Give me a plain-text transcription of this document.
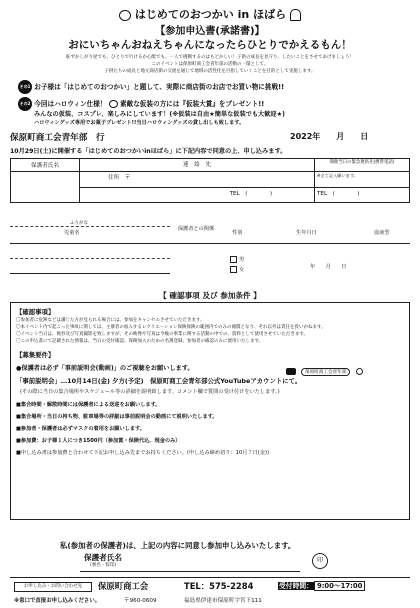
はじめてのおつかい in ほばら
【参加申込書(承諾書)】
おにいちゃんおねえちゃんになったらひとりでかえるもん！
恥ずかしがり屋でも、ひとりで行けるか心配でも、一人で挑戦するのはもどかしい！子供の成長を見守り、したいことをさせてあげましょう！
このイベントは保原町商工会青年部の活動の一環として、
子供たちの成長と地元商店街の交流を通じて地域の活性化を目指していくことを目的として実施します。
その1 お子様は「はじめてのおつかい」と題して、実際に商店街のお店でお買い物に挑戦!!
その2 今回はハロウィン仕様！ 素敵な仮装の方には『仮装大賞』をプレゼント!!
みんなの仮装、コスプレ、楽しみにしています！(※仮装は自由★簡単な仮装でも大歓迎★)
ハロウィングッズ専用でお菓子プレゼント!!当日ハロウィングッズの貸し出しも致します。
保原町商工会青年部　行	2022年　　 月　　 日
10月29日(土)に開催する「はじめてのおつかいinほばら」に下記内容で同意の上、申し込みます。
保護者氏名	連　絡　先	開催当日の緊急連絡先(携帯電話)
	住所　〒	※全て記入願います。
	TEL　(　　　　)	TEL　(　　　　)
ふりがな
児童名
保護者との関係
性別	生年月日	血液型
男
女	年　　月　　日
【 確認事項 及び 参加条件 】
【確認事項】
〇参加者に危険などは講じた方が見られる場合には、参加をキャンセルさせていただきます。
〇本イベント内で起こった事故に関しては、主催者の加入するレクリエーション保険保険の範囲内でのみの補償となり、それ以外は責任を負いかねます。
〇イベント当日は、換券及び写真撮影を致しますが、その映像や写真は今後の事業に関する活動の中での、資料として使用させていただきます。
〇この申込書にて記載された情報は、当日の受付確認、保険加入のための名簿登録、参加者の確認のみに使用いたします。
【募集要件】
●保護者は必ず「事前説明会(動画)」のご視聴をお願いします。	保原町商工会青年部
「事前説明会」…10月14日(金) 夕方(予定)　保原町商工会青年部公式YouTubeアカウントにて。
(その際に当日の集合場所やスケジュール等の詳細を説明致します。コメント欄で質問の受け付けをいたします。)
■集合時間・解散時間には保護者による送迎をお願いします。
■集合場所・当日の持ち物、駐車場等の詳細は事前説明会の動画にて説明いたします。
■参加者・保護者は必ずマスクの着用をお願いします。
■参加費：お子様１人につき1500円（参加賞・保険代込、現金のみ）
■申し込み書は参加費と合わせて下記お申し込み先までお持ちください。(申し込み締め切り：10月７日(金))
私(参加者の保護者)は、上記の内容に同意し参加申し込みいたします。
保護者氏名
(署名・捺印)
印
お申し込み・お問い合わせ先	保原町商工会	TEL：575-2284	受付時間： 9:00～17:00
※窓口で直接お申し込みください。	〒960-0609	福島県伊達市保原町宇宮下111
